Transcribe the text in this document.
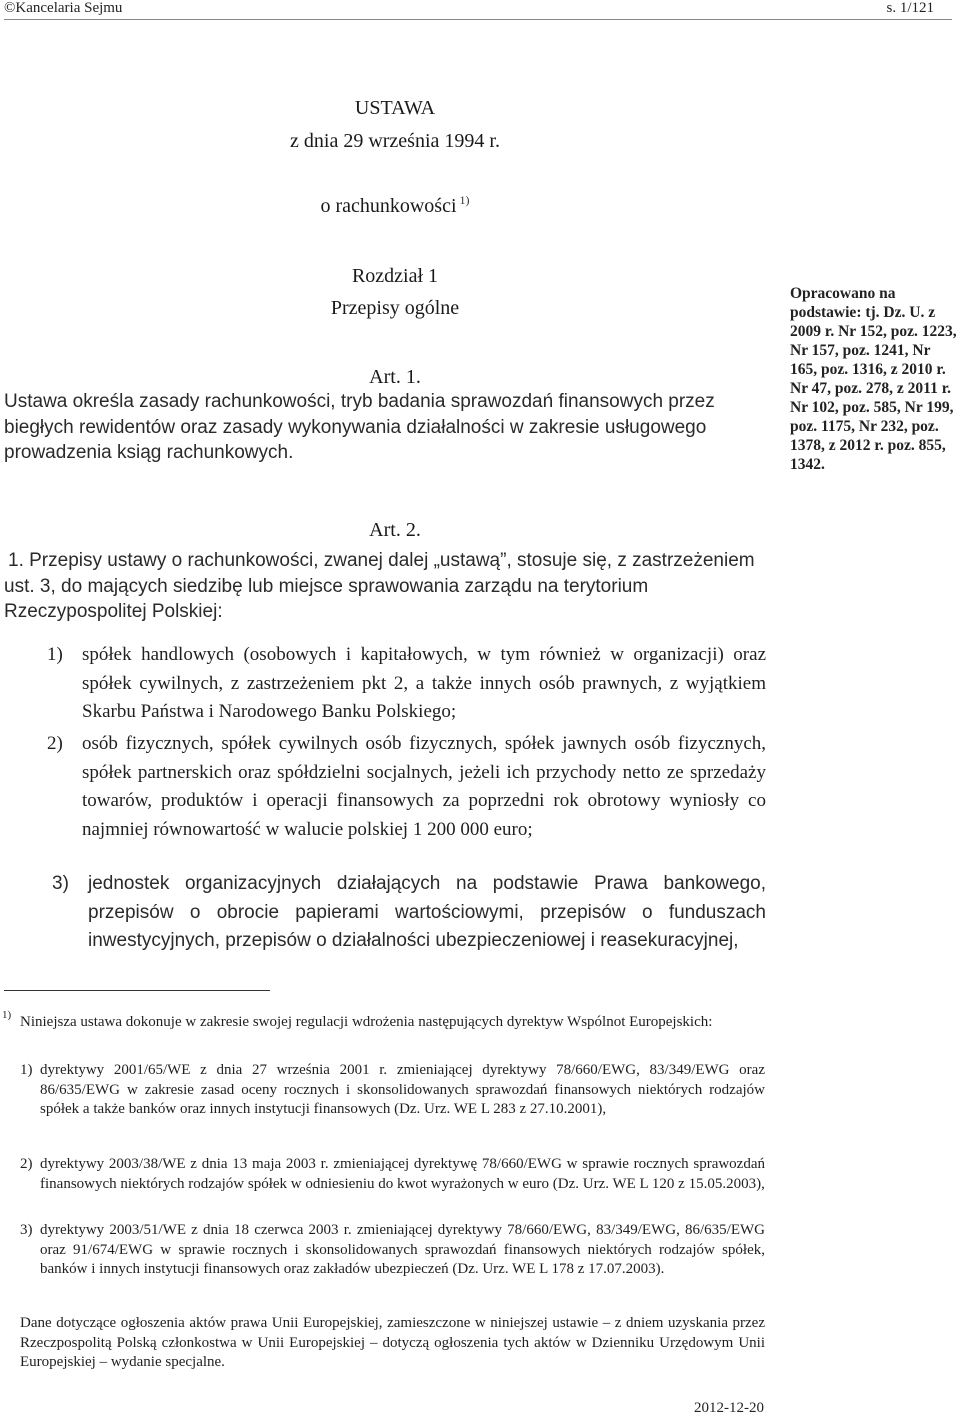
©Kancelaria Sejmu	s. 1/121
USTAWA
z dnia 29 września 1994 r.
o rachunkowości $^{1)}$
Rozdział 1
Przepisy ogólne
Art. 1.
Ustawa określa zasady rachunkowości, tryb badania sprawozdań finansowych przez biegłych rewidentów oraz zasady wykonywania działalności w zakresie usługowego prowadzenia ksiąg rachunkowych.
Art. 2.
1. Przepisy ustawy o rachunkowości, zwanej dalej „ustawą”, stosuje się, z zastrzeżeniem ust. 3, do mających siedzibę lub miejsce sprawowania zarządu na terytorium Rzeczypospolitej Polskiej:
1) spółek handlowych (osobowych i kapitałowych, w tym również w organizacji) oraz spółek cywilnych, z zastrzeżeniem pkt 2, a także innych osób prawnych, z wyjątkiem Skarbu Państwa i Narodowego Banku Polskiego;
2) osób fizycznych, spółek cywilnych osób fizycznych, spółek jawnych osób fizycznych, spółek partnerskich oraz spółdzielni socjalnych, jeżeli ich przychody netto ze sprzedaży towarów, produktów i operacji finansowych za poprzedni rok obrotowy wyniosły co najmniej równowartość w walucie polskiej 1 200 000 euro;
3) jednostek organizacyjnych działających na podstawie Prawa bankowego, przepisów o obrocie papierami wartościowymi, przepisów o funduszach inwestycyjnych, przepisów o działalności ubezpieczeniowej i reasekuracyjnej,
Opracowano na podstawie: tj. Dz. U. z 2009 r. Nr 152, poz. 1223, Nr 157, poz. 1241, Nr 165, poz. 1316, z 2010 r. Nr 47, poz. 278, z 2011 r. Nr 102, poz. 585, Nr 199, poz. 1175, Nr 232, poz. 1378, z 2012 r. poz. 855, 1342.
1) Niniejsza ustawa dokonuje w zakresie swojej regulacji wdrożenia następujących dyrektyw Wspólnot Europejskich:
1) dyrektywy 2001/65/WE z dnia 27 września 2001 r. zmieniającej dyrektywy 78/660/EWG, 83/349/EWG oraz 86/635/EWG w zakresie zasad oceny rocznych i skonsolidowanych sprawozdań finansowych niektórych rodzajów spółek a także banków oraz innych instytucji finansowych (Dz. Urz. WE L 283 z 27.10.2001),
2) dyrektywy 2003/38/WE z dnia 13 maja 2003 r. zmieniającej dyrektywę 78/660/EWG w sprawie rocznych sprawozdań finansowych niektórych rodzajów spółek w odniesieniu do kwot wyrażonych w euro (Dz. Urz. WE L 120 z 15.05.2003),
3) dyrektywy 2003/51/WE z dnia 18 czerwca 2003 r. zmieniającej dyrektywy 78/660/EWG, 83/349/EWG, 86/635/EWG oraz 91/674/EWG w sprawie rocznych i skonsolidowanych sprawozdań finansowych niektórych rodzajów spółek, banków i innych instytucji finansowych oraz zakładów ubezpieczeń (Dz. Urz. WE L 178 z 17.07.2003).
Dane dotyczące ogłoszenia aktów prawa Unii Europejskiej, zamieszczone w niniejszej ustawie – z dniem uzyskania przez Rzeczpospolitą Polską członkostwa w Unii Europejskiej – dotyczą ogłoszenia tych aktów w Dzienniku Urzędowym Unii Europejskiej – wydanie specjalne.
2012-12-20
